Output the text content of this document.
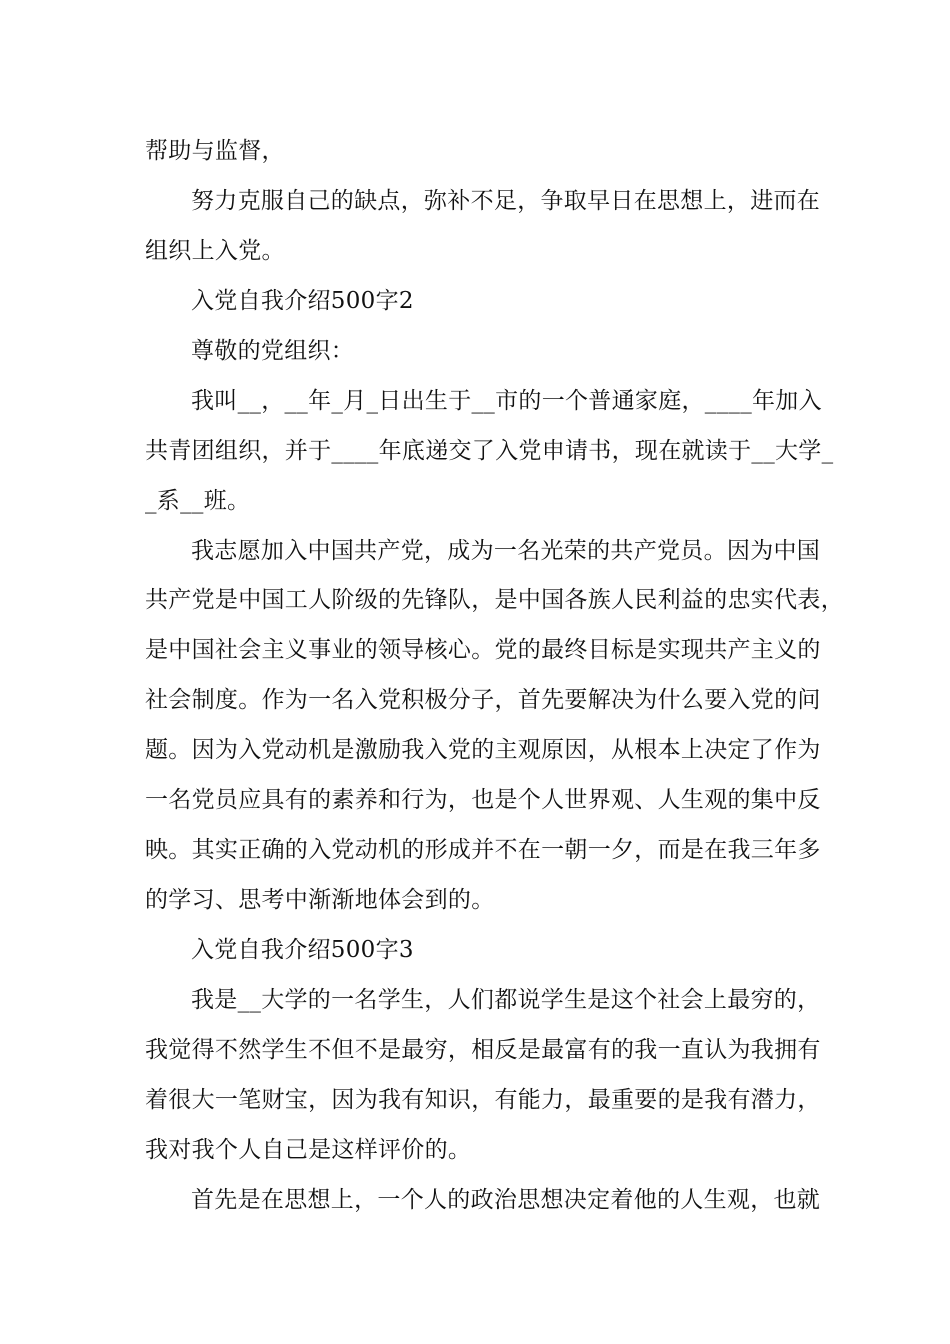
帮助与监督，
努力克服自己的缺点，弥补不足，争取早日在思想上，进而在
组织上入党。
入党自我介绍500字2
尊敬的党组织：
我叫__，__年_月_日出生于__市的一个普通家庭，____年加入
共青团组织，并于____年底递交了入党申请书，现在就读于__大学_
_系__班。
我志愿加入中国共产党，成为一名光荣的共产党员。因为中国
共产党是中国工人阶级的先锋队，是中国各族人民利益的忠实代表，
是中国社会主义事业的领导核心。党的最终目标是实现共产主义的
社会制度。作为一名入党积极分子，首先要解决为什么要入党的问
题。因为入党动机是激励我入党的主观原因，从根本上决定了作为
一名党员应具有的素养和行为，也是个人世界观、人生观的集中反
映。其实正确的入党动机的形成并不在一朝一夕，而是在我三年多
的学习、思考中渐渐地体会到的。
入党自我介绍500字3
我是__大学的一名学生，人们都说学生是这个社会上最穷的，
我觉得不然学生不但不是最穷，相反是最富有的我一直认为我拥有
着很大一笔财宝，因为我有知识，有能力，最重要的是我有潜力，
我对我个人自己是这样评价的。
首先是在思想上，一个人的政治思想决定着他的人生观，也就
